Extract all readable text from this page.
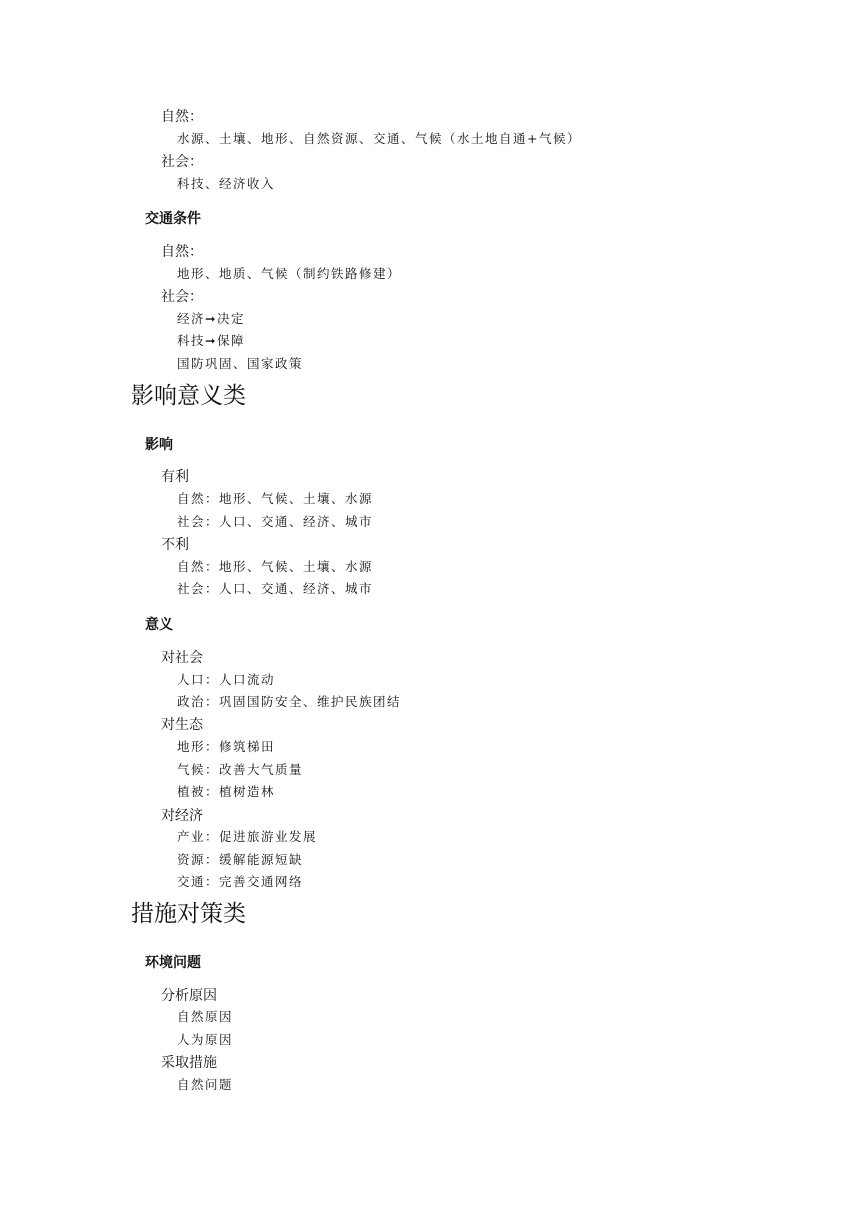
自然：
水源、土壤、地形、自然资源、交通、气候（水土地自通+气候）
社会：
科技、经济收入
交通条件
自然：
地形、地质、气候（制约铁路修建）
社会：
经济➞决定
科技➞保障
国防巩固、国家政策
影响意义类
影响
有利
自然：地形、气候、土壤、水源
社会：人口、交通、经济、城市
不利
自然：地形、气候、土壤、水源
社会：人口、交通、经济、城市
意义
对社会
人口：人口流动
政治：巩固国防安全、维护民族团结
对生态
地形：修筑梯田
气候：改善大气质量
植被：植树造林
对经济
产业：促进旅游业发展
资源：缓解能源短缺
交通：完善交通网络
措施对策类
环境问题
分析原因
自然原因
人为原因
采取措施
自然问题
